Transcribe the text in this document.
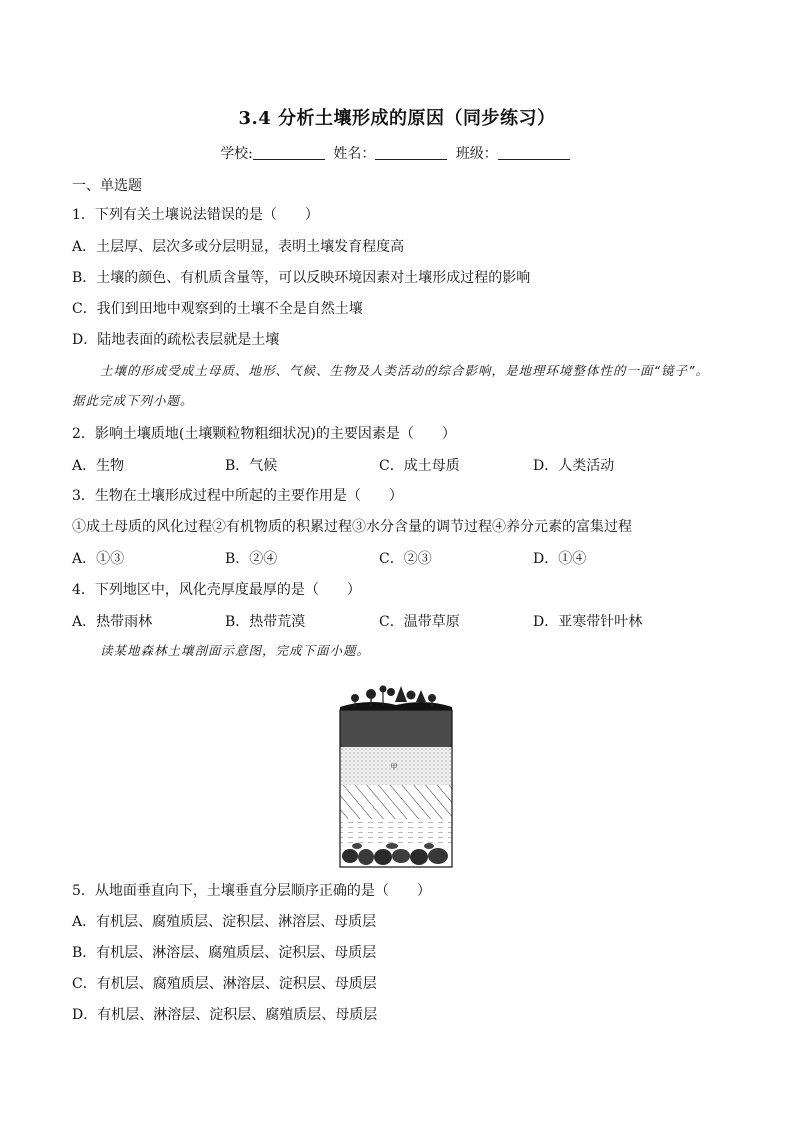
3.4 分析土壤形成的原因（同步练习）
学校:	姓名：	班级：
一、单选题
1．下列有关土壤说法错误的是（　　）
A．土层厚、层次多或分层明显，表明土壤发育程度高
B．土壤的颜色、有机质含量等，可以反映环境因素对土壤形成过程的影响
C．我们到田地中观察到的土壤不全是自然土壤
D．陆地表面的疏松表层就是土壤
土壤的形成受成土母质、地形、气候、生物及人类活动的综合影响，是地理环境整体性的一面“镜子”。 据此完成下列小题。
2．影响土壤质地(土壤颗粒物粗细状况)的主要因素是（　　）
A．生物	B．气候	C．成土母质	D．人类活动
3．生物在土壤形成过程中所起的主要作用是（　　）
①成土母质的风化过程②有机物质的积累过程③水分含量的调节过程④养分元素的富集过程
A．①③	B．②④	C．②③	D．①④
4．下列地区中，风化壳厚度最厚的是（　　）
A．热带雨林	B．热带荒漠	C．温带草原	D．亚寒带针叶林
读某地森林土壤剖面示意图，完成下面小题。
甲
5．从地面垂直向下，土壤垂直分层顺序正确的是（　　）
A．有机层、腐殖质层、淀积层、淋溶层、母质层
B．有机层、淋溶层、腐殖质层、淀积层、母质层
C．有机层、腐殖质层、淋溶层、淀积层、母质层
D．有机层、淋溶层、淀积层、腐殖质层、母质层
